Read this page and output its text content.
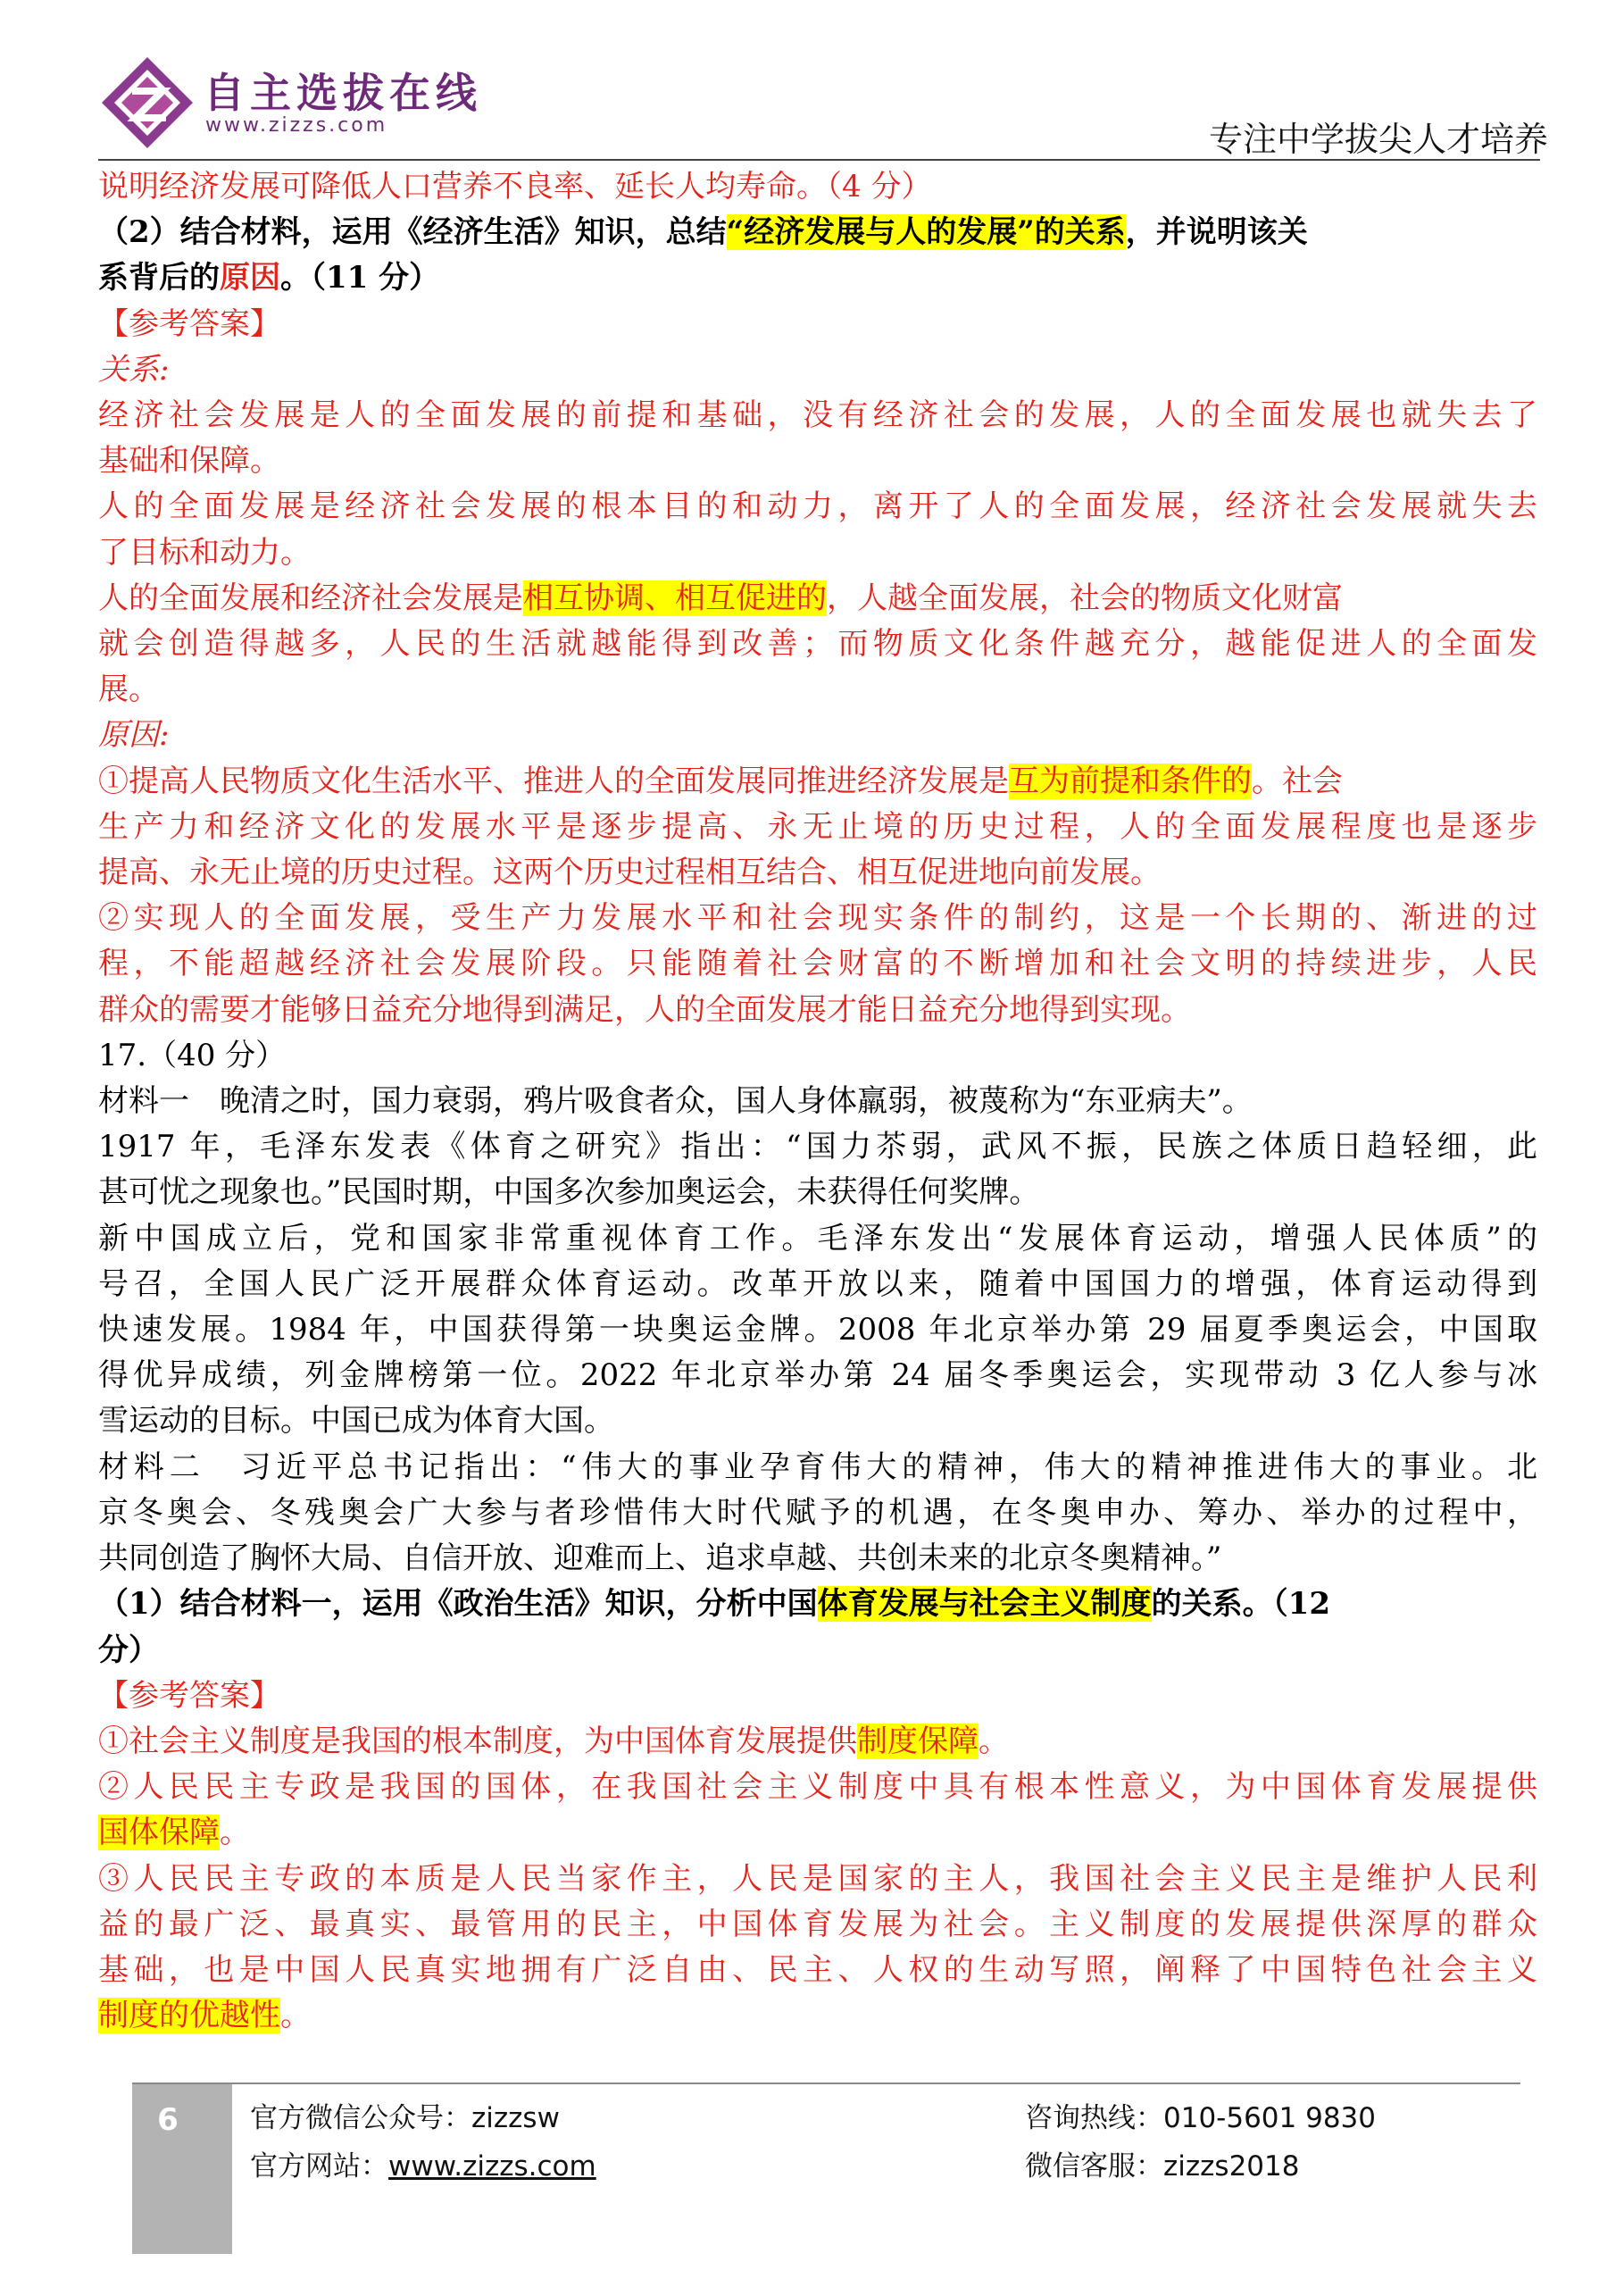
自主选拔在线
www.zizzs.com	专注中学拔尖人才培养
说明经济发展可降低人口营养不良率、延长人均寿命。（4 分）
（2）结合材料，运用《经济生活》知识，总结“经济发展与人的发展”的关系，并说明该关
系背后的原因。（11 分）
【参考答案】
关系:
经济社会发展是人的全面发展的前提和基础，没有经济社会的发展，人的全面发展也就失去了
基础和保障。
人的全面发展是经济社会发展的根本目的和动力，离开了人的全面发展，经济社会发展就失去
了目标和动力。
人的全面发展和经济社会发展是相互协调、相互促进的，人越全面发展，社会的物质文化财富
就会创造得越多，人民的生活就越能得到改善；而物质文化条件越充分，越能促进人的全面发
展。
原因:
①提高人民物质文化生活水平、推进人的全面发展同推进经济发展是互为前提和条件的。社会
生产力和经济文化的发展水平是逐步提高、永无止境的历史过程，人的全面发展程度也是逐步
提高、永无止境的历史过程。这两个历史过程相互结合、相互促进地向前发展。
②实现人的全面发展，受生产力发展水平和社会现实条件的制约，这是一个长期的、渐进的过
程，不能超越经济社会发展阶段。只能随着社会财富的不断增加和社会文明的持续进步，人民
群众的需要才能够日益充分地得到满足，人的全面发展才能日益充分地得到实现。
17.（40 分）
材料一　晚清之时，国力衰弱，鸦片吸食者众，国人身体羸弱，被蔑称为“东亚病夫”。
1917 年，毛泽东发表《体育之研究》指出：“国力苶弱，武风不振，民族之体质日趋轻细，此
甚可忧之现象也。”民国时期，中国多次参加奥运会，未获得任何奖牌。
新中国成立后，党和国家非常重视体育工作。毛泽东发出“发展体育运动，增强人民体质”的
号召，全国人民广泛开展群众体育运动。改革开放以来，随着中国国力的增强，体育运动得到
快速发展。1984 年，中国获得第一块奥运金牌。2008 年北京举办第 29 届夏季奥运会，中国取
得优异成绩，列金牌榜第一位。2022 年北京举办第 24 届冬季奥运会，实现带动 3 亿人参与冰
雪运动的目标。中国已成为体育大国。
材料二　习近平总书记指出：“伟大的事业孕育伟大的精神，伟大的精神推进伟大的事业。北
京冬奥会、冬残奥会广大参与者珍惜伟大时代赋予的机遇，在冬奥申办、筹办、举办的过程中，
共同创造了胸怀大局、自信开放、迎难而上、追求卓越、共创未来的北京冬奥精神。”
（1）结合材料一，运用《政治生活》知识，分析中国体育发展与社会主义制度的关系。（12
分）
【参考答案】
①社会主义制度是我国的根本制度，为中国体育发展提供制度保障。
②人民民主专政是我国的国体，在我国社会主义制度中具有根本性意义，为中国体育发展提供
国体保障。
③人民民主专政的本质是人民当家作主，人民是国家的主人，我国社会主义民主是维护人民利
益的最广泛、最真实、最管用的民主，中国体育发展为社会。主义制度的发展提供深厚的群众
基础，也是中国人民真实地拥有广泛自由、民主、人权的生动写照，阐释了中国特色社会主义
制度的优越性。
6	官方微信公众号：zizzsw
官方网站：www.zizzs.com
咨询热线：010-5601 9830
微信客服：zizzs2018
